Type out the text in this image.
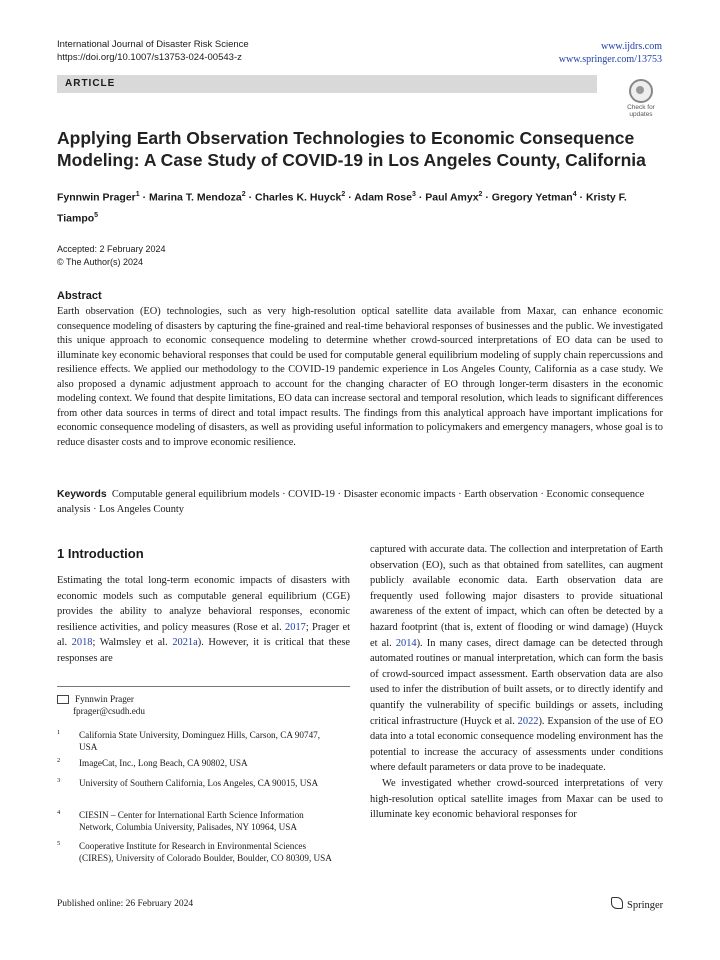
International Journal of Disaster Risk Science
https://doi.org/10.1007/s13753-024-00543-z
www.ijdrs.com
www.springer.com/13753
ARTICLE
Check for updates
Applying Earth Observation Technologies to Economic Consequence Modeling: A Case Study of COVID-19 in Los Angeles County, California
Fynnwin Prager$^1$ · Marina T. Mendoza$^2$ · Charles K. Huyck$^2$ · Adam Rose$^3$ · Paul Amyx$^2$ · Gregory Yetman$^4$ · Kristy F. Tiampo$^5$
Accepted: 2 February 2024
© The Author(s) 2024
Abstract
Earth observation (EO) technologies, such as very high-resolution optical satellite data available from Maxar, can enhance economic consequence modeling of disasters by capturing the fine-grained and real-time behavioral responses of businesses and the public. We investigated this unique approach to economic consequence modeling to determine whether crowd-sourced interpretations of EO data can be used to illuminate key economic behavioral responses that could be used for computable general equilibrium modeling of supply chain repercussions and resilience effects. We applied our methodology to the COVID-19 pandemic experience in Los Angeles County, California as a case study. We also proposed a dynamic adjustment approach to account for the changing character of EO through longer-term disasters in the economic modeling context. We found that despite limitations, EO data can increase sectoral and temporal resolution, which leads to significant differences from other data sources in terms of direct and total impact results. The findings from this analytical approach have important implications for economic consequence modeling of disasters, as well as providing useful information to policymakers and emergency managers, whose goal is to reduce disaster costs and to improve economic resilience.
Keywords Computable general equilibrium models · COVID-19 · Disaster economic impacts · Earth observation · Economic consequence analysis · Los Angeles County
1 Introduction
Estimating the total long-term economic impacts of disasters with economic models such as computable general equilibrium (CGE) provides the ability to analyze behavioral responses, economic resilience activities, and policy measures (Rose et al. 2017; Prager et al. 2018; Walmsley et al. 2021a). However, it is critical that these responses are
Fynnwin Prager
fprager@csudh.edu
1 California State University, Dominguez Hills, Carson, CA 90747, USA
2 ImageCat, Inc., Long Beach, CA 90802, USA
3 University of Southern California, Los Angeles, CA 90015, USA
4 CIESIN – Center for International Earth Science Information Network, Columbia University, Palisades, NY 10964, USA
5 Cooperative Institute for Research in Environmental Sciences (CIRES), University of Colorado Boulder, Boulder, CO 80309, USA

captured with accurate data. The collection and interpretation of Earth observation (EO), such as that obtained from satellites, can augment publicly available economic data. Earth observation data are frequently used following major disasters to provide situational awareness of the extent of impact, which can often be detected by a hazard footprint (that is, extent of flooding or wind damage) (Huyck et al. 2014). In many cases, direct damage can be detected through automated routines or manual interpretation, which can form the basis of crowd-sourced impact assessment. Earth observation data are also used to infer the distribution of built assets, or to directly identify and quantify the vulnerability of specific buildings or assets, including critical infrastructure (Huyck et al. 2022). Expansion of the use of EO data into a total economic consequence modeling environment has the potential to increase the accuracy of assessments under conditions where default parameters or data prove to be inadequate.

We investigated whether crowd-sourced interpretations of very high-resolution optical satellite images from Maxar can be used to illuminate key economic behavioral responses for

Published online: 26 February 2024	Springer
